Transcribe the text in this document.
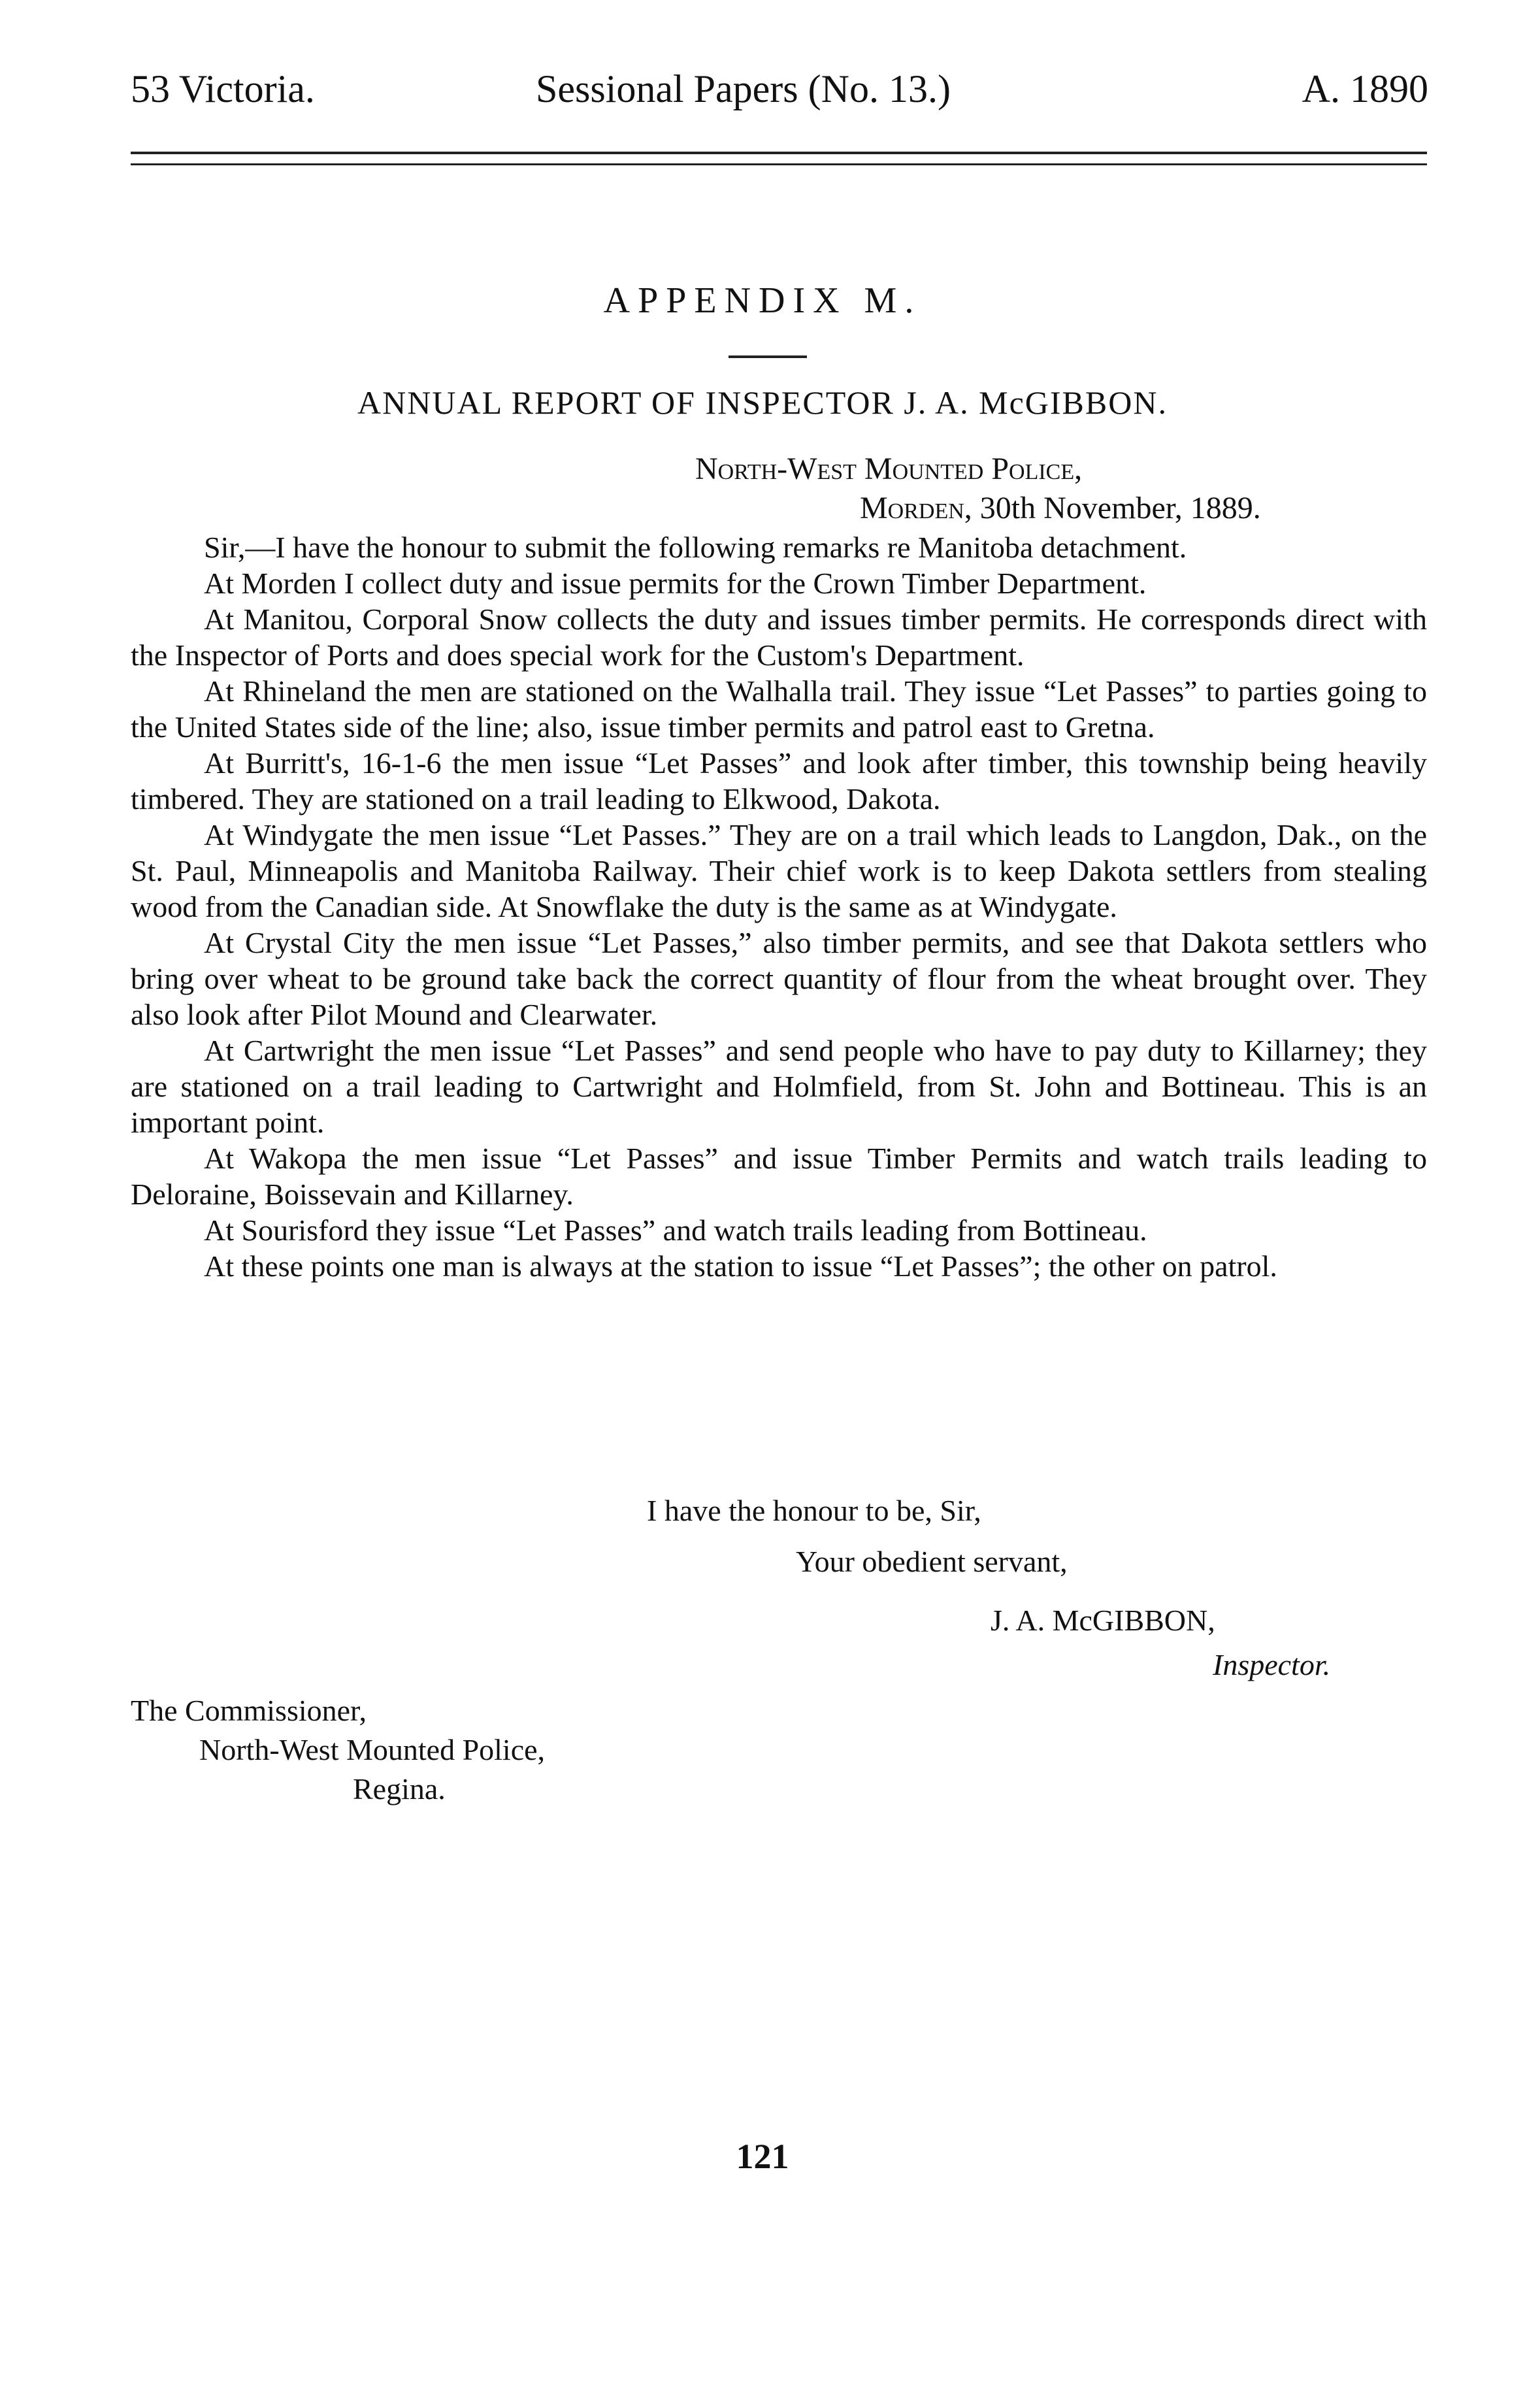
53 Victoria.	Sessional Papers (No. 13.)	A. 1890
APPENDIX M.
ANNUAL REPORT OF INSPECTOR J. A. McGIBBON.
North-West Mounted Police,
Morden, 30th November, 1889.

Sir,—I have the honour to submit the following remarks re Manitoba detachment.

At Morden I collect duty and issue permits for the Crown Timber Department.

At Manitou, Corporal Snow collects the duty and issues timber permits. He corresponds direct with the Inspector of Ports and does special work for the Custom's Department.

At Rhineland the men are stationed on the Walhalla trail. They issue “Let Passes” to parties going to the United States side of the line; also, issue timber permits and patrol east to Gretna.

At Burritt's, 16-1-6 the men issue “Let Passes” and look after timber, this township being heavily timbered. They are stationed on a trail leading to Elkwood, Dakota.

At Windygate the men issue “Let Passes.” They are on a trail which leads to Langdon, Dak., on the St. Paul, Minneapolis and Manitoba Railway. Their chief work is to keep Dakota settlers from stealing wood from the Canadian side. At Snowflake the duty is the same as at Windygate.

At Crystal City the men issue “Let Passes,” also timber permits, and see that Dakota settlers who bring over wheat to be ground take back the correct quantity of flour from the wheat brought over. They also look after Pilot Mound and Clearwater.

At Cartwright the men issue “Let Passes” and send people who have to pay duty to Killarney; they are stationed on a trail leading to Cartwright and Holmfield, from St. John and Bottineau. This is an important point.

At Wakopa the men issue “Let Passes” and issue Timber Permits and watch trails leading to Deloraine, Boissevain and Killarney.

At Sourisford they issue “Let Passes” and watch trails leading from Bottineau.

At these points one man is always at the station to issue “Let Passes”; the other on patrol.

I have the honour to be, Sir,
Your obedient servant,
J. A. McGIBBON,
Inspector.
The Commissioner,
North-West Mounted Police,
Regina.
121
